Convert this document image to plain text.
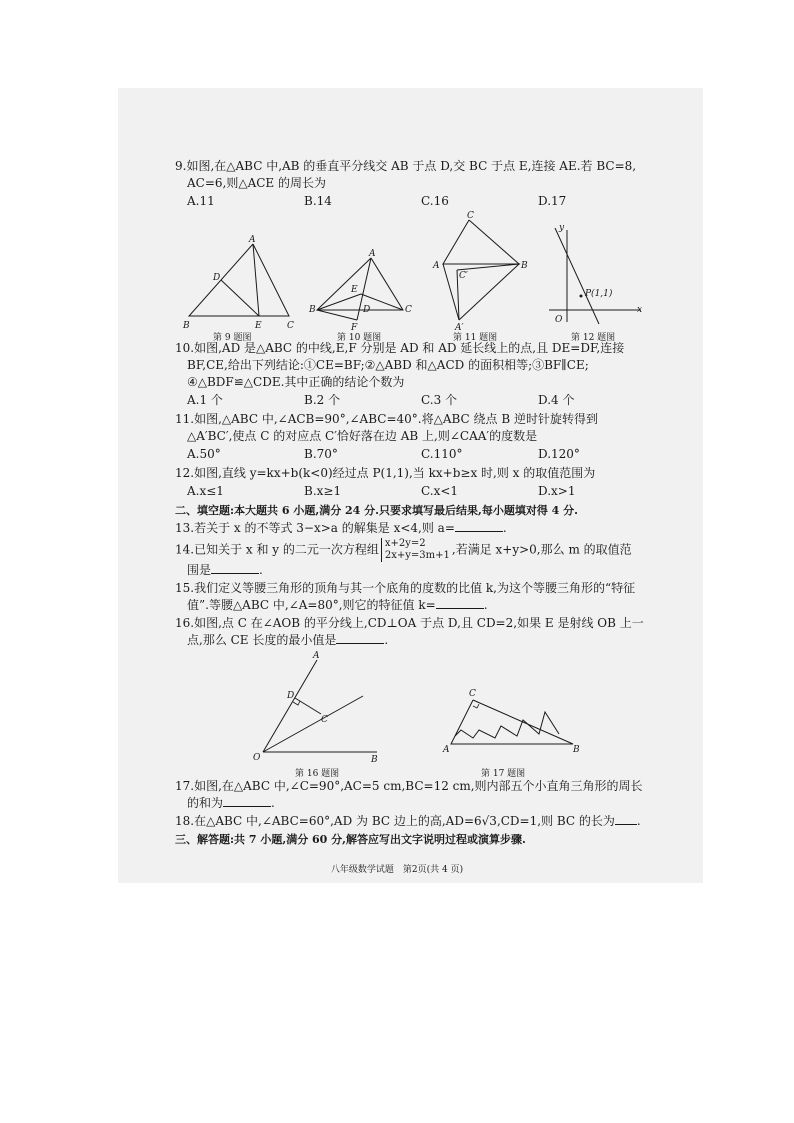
9.如图,在△ABC 中,AB 的垂直平分线交 AB 于点 D,交 BC 于点 E,连接 AE.若 BC=8,
AC=6,则△ACE 的周长为
A.11	B.14	C.16	D.17
A
D
B	E	C
第 9 题图
A
E
B	D	C
F
第 10 题图
C
A
C′
B
A′
第 11 题图
y
P(1,1)
O
x
第 12 题图
10.如图,AD 是△ABC 的中线,E,F 分别是 AD 和 AD 延长线上的点,且 DE=DF,连接
BF,CE,给出下列结论:①CE=BF;②△ABD 和△ACD 的面积相等;③BF∥CE;
④△BDF≌△CDE.其中正确的结论个数为
A.1 个	B.2 个	C.3 个	D.4 个
11.如图,△ABC 中,∠ACB=90°,∠ABC=40°.将△ABC 绕点 B 逆时针旋转得到
△A′BC′,使点 C 的对应点 C′恰好落在边 AB 上,则∠CAA′的度数是
A.50°	B.70°	C.110°	D.120°
12.如图,直线 y=kx+b(k<0)经过点 P(1,1),当 kx+b≥x 时,则 x 的取值范围为
A.x≤1	B.x≥1	C.x<1	D.x>1
二、填空题:本大题共 6 小题,满分 24 分.只要求填写最后结果,每小题填对得 4 分.
13.若关于 x 的不等式 3−x>a 的解集是 x<4,则 a=	.
14.已知关于 x 和 y 的二元一次方程组 x+2y=2
2x+y=3m+1 ,若满足 x+y>0,那么 m 的取值范
围是	.
15.我们定义等腰三角形的顶角与其一个底角的度数的比值 k,为这个等腰三角形的“特征
值”.等腰△ABC 中,∠A=80°,则它的特征值 k=	.
16.如图,点 C 在∠AOB 的平分线上,CD⊥OA 于点 D,且 CD=2,如果 E 是射线 OB 上一
点,那么 CE 长度的最小值是	.
A
D
C
O	B
第 16 题图
C
A	B
第 17 题图
17.如图,在△ABC 中,∠C=90°,AC=5 cm,BC=12 cm,则内部五个小直角三角形的周长
的和为	.
18.在△ABC 中,∠ABC=60°,AD 为 BC 边上的高,AD=6√3,CD=1,则 BC 的长为 .
三、解答题:共 7 小题,满分 60 分,解答应写出文字说明过程或演算步骤.
八年级数学试题　第2页(共 4 页)
